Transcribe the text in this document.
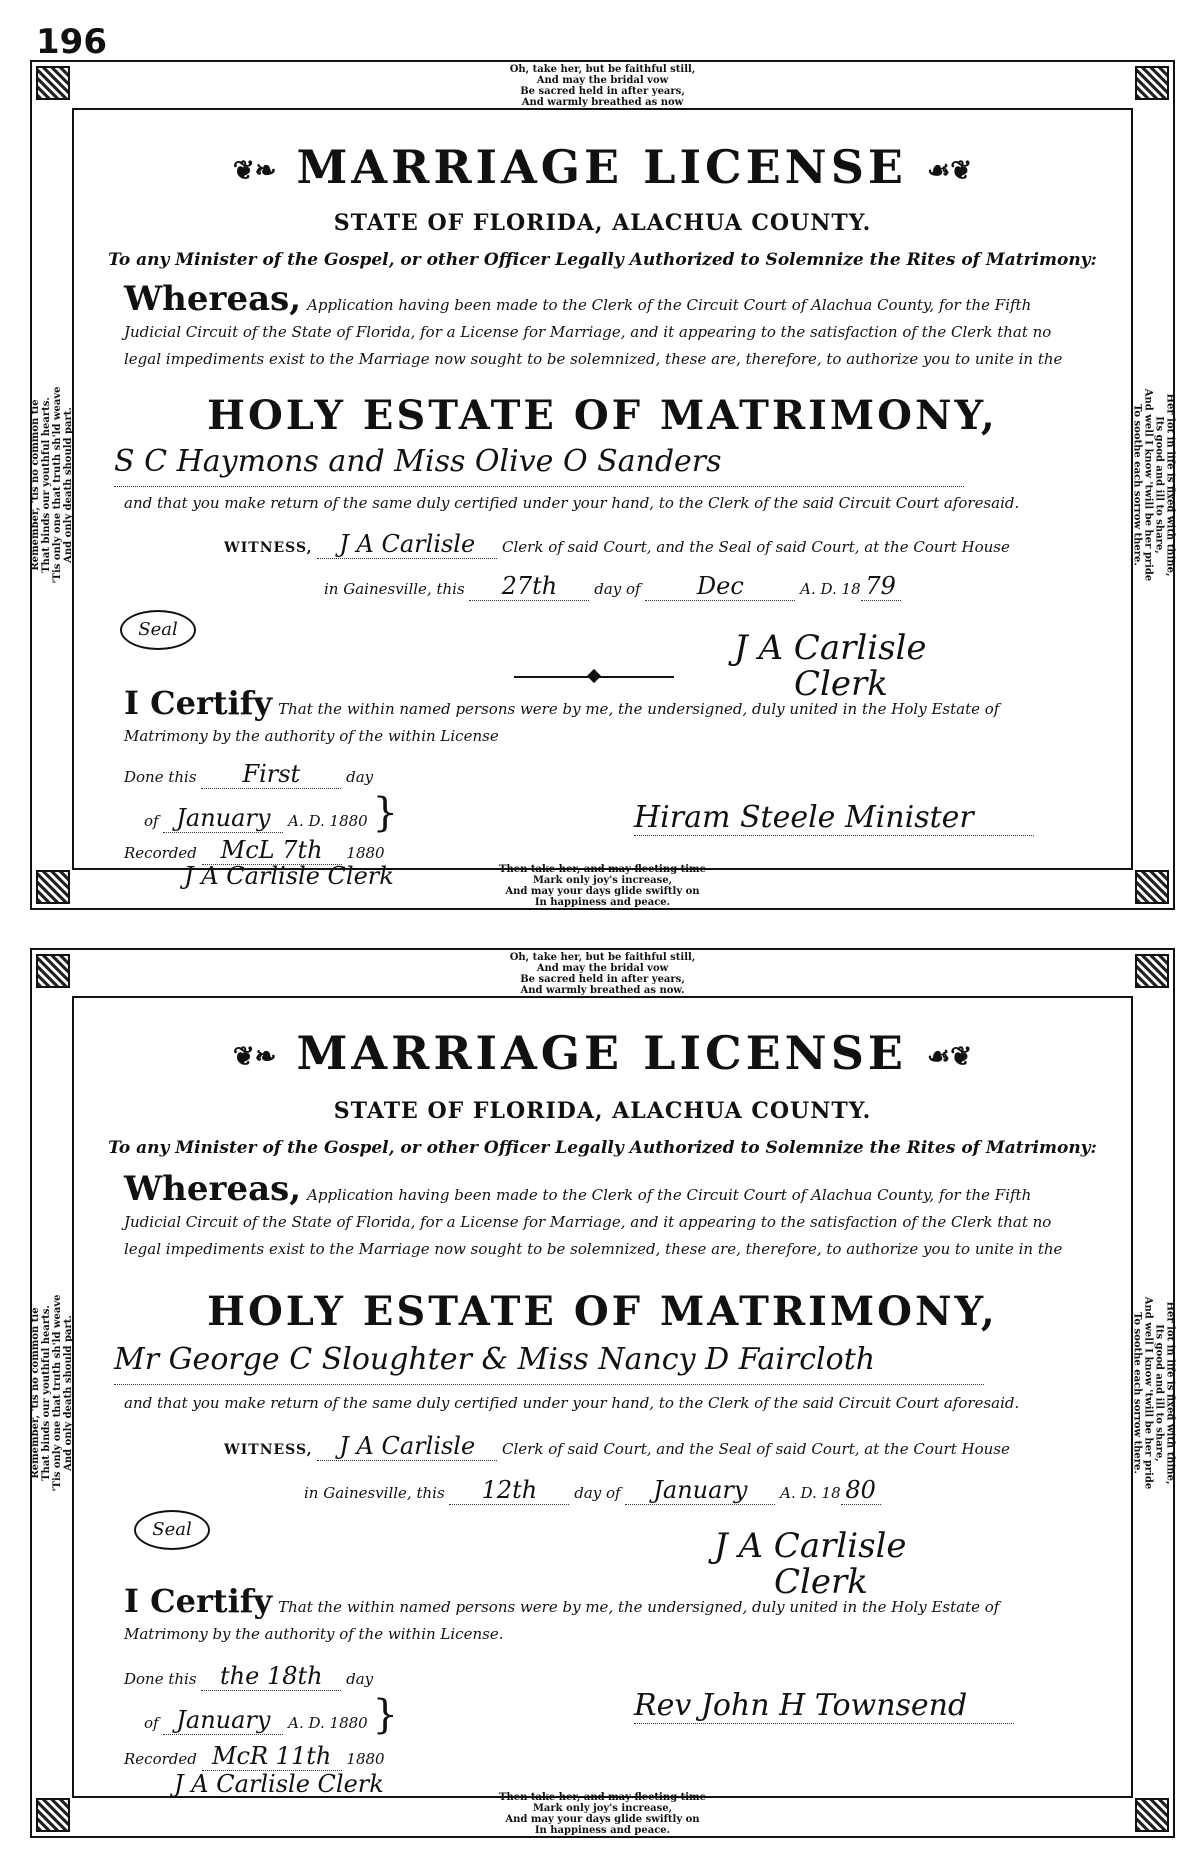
196
Oh, take her, but be faithful still,
And may the bridal vow
Be sacred held in after years,
And warmly breathed as now
Then take her, and may fleeting time
Mark only joy's increase,
And may your days glide swiftly on
In happiness and peace.
Remember, 'tis no common tie That binds our youthful hearts. 'Tis only one that truth sh'ld weave And only death should part.	Her lot in life is fixed with thine,
Its good and ill to share,
And well I know 'twill be her pride
To soothe each sorrow there.
❦❧ MARRIAGE LICENSE ☙❦
STATE OF FLORIDA, ALACHUA COUNTY.
To any Minister of the Gospel, or other Officer Legally Authorized to Solemnize the Rites of Matrimony:
Whereas, Application having been made to the Clerk of the Circuit Court of Alachua County, for the Fifth Judicial Circuit of the State of Florida, for a License for Marriage, and it appearing to the satisfaction of the Clerk that no legal impediments exist to the Marriage now sought to be solemnized, these are, therefore, to authorize you to unite in the
HOLY ESTATE OF MATRIMONY,
S C Haymons and Miss Olive O Sanders
and that you make return of the same duly certified under your hand, to the Clerk of the said Circuit Court aforesaid.
WITNESS, J A Carlisle Clerk of said Court, and the Seal of said Court, at the Court House
in Gainesville, this 27th day of Dec	A. D. 18 79
Seal	J A Carlisle
Clerk
I Certify That the within named persons were by me, the undersigned, duly united in the Holy Estate of Matrimony by the authority of the within License
Done this First	day
of January A. D. 1880 }
Recorded McL 7th 1880
J A Carlisle Clerk
Hiram Steele Minister
Oh, take her, but be faithful still,
And may the bridal vow
Be sacred held in after years,
And warmly breathed as now.
Then take her, and may fleeting time
Mark only joy's increase,
And may your days glide swiftly on
In happiness and peace.
Remember, 'tis no common tie That binds our youthful hearts. 'Tis only one that truth sh'ld weave And only death should part.	Her lot in life is fixed with thine,
Its good and ill to share,
And well I know 'twill be her pride
To soothe each sorrow there.
❦❧ MARRIAGE LICENSE ☙❦
STATE OF FLORIDA, ALACHUA COUNTY.
To any Minister of the Gospel, or other Officer Legally Authorized to Solemnize the Rites of Matrimony:
Whereas, Application having been made to the Clerk of the Circuit Court of Alachua County, for the Fifth Judicial Circuit of the State of Florida, for a License for Marriage, and it appearing to the satisfaction of the Clerk that no legal impediments exist to the Marriage now sought to be solemnized, these are, therefore, to authorize you to unite in the
HOLY ESTATE OF MATRIMONY,
Mr George C Sloughter & Miss Nancy D Faircloth
and that you make return of the same duly certified under your hand, to the Clerk of the said Circuit Court aforesaid.
WITNESS, J A Carlisle Clerk of said Court, and the Seal of said Court, at the Court House
in Gainesville, this 12th day of January A. D. 18 80
Seal	J A Carlisle
Clerk
I Certify That the within named persons were by me, the undersigned, duly united in the Holy Estate of Matrimony by the authority of the within License.
Done this the 18th day
of January A. D. 1880 }
Recorded McR 11th 1880
J A Carlisle Clerk
Rev John H Townsend
